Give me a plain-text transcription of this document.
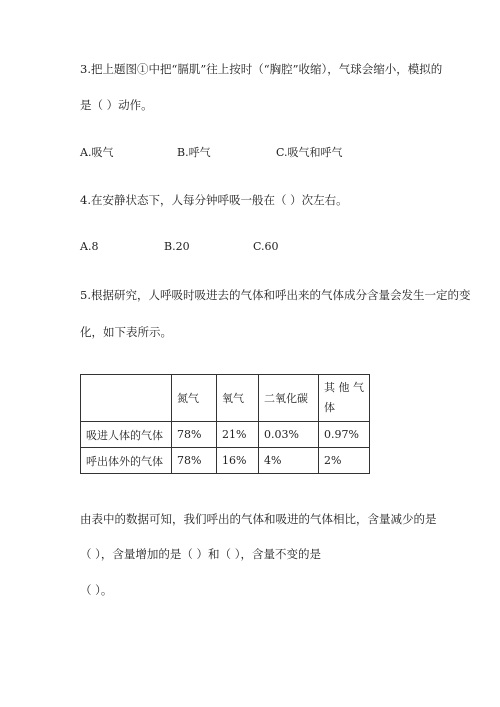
3.把上题图①中把“膈肌”往上按时（“胸腔”收缩），气球会缩小，模拟的
是（ ）动作。
A.吸气	B.呼气	C.吸气和呼气
4.在安静状态下，人每分钟呼吸一般在（ ）次左右。
A.8	B.20	C.60
5.根据研究，人呼吸时吸进去的气体和呼出来的气体成分含量会发生一定的变
化，如下表所示。
	氮气	氧气	二氧化碳	其 他 气 体
吸进人体的气体	78%	21%	0.03%	0.97%
呼出体外的气体	78%	16%	4%	2%
由表中的数据可知，我们呼出的气体和吸进的气体相比，含量减少的是
（ ），含量增加的是（ ）和（ ），含量不变的是
（ ）。
